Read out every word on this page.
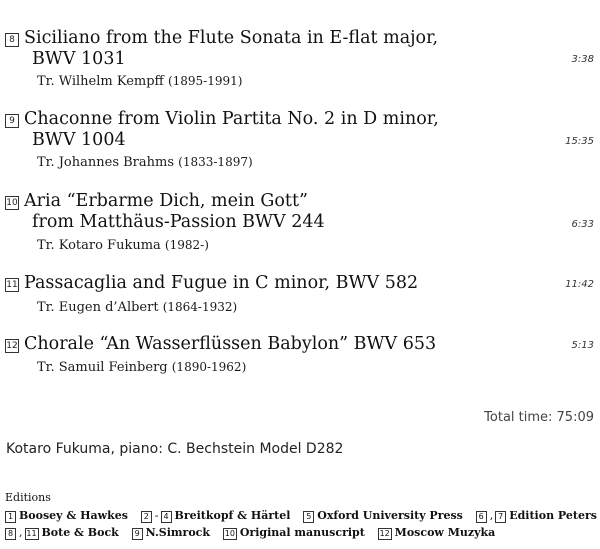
8 Siciliano from the Flute Sonata in E-flat major,
BWV 1031	3:38
Tr. Wilhelm Kempff (1895-1991)
9 Chaconne from Violin Partita No. 2 in D minor,
BWV 1004	15:35
Tr. Johannes Brahms (1833-1897)
10 Aria “Erbarme Dich, mein Gott”
from Matthäus-Passion BWV 244	6:33
Tr. Kotaro Fukuma (1982-)
11 Passacaglia and Fugue in C minor, BWV 582	11:42
Tr. Eugen d’Albert (1864-1932)
12 Chorale “An Wasserflüssen Babylon” BWV 653	5:13
Tr. Samuil Feinberg (1890-1962)
Total time: 75:09
Kotaro Fukuma, piano: C. Bechstein Model D282
Editions
1 Boosey & Hawkes 2 - 4 Breitkopf & Härtel 5 Oxford University Press 6 , 7 Edition Peters
8 , 11 Bote & Bock 9 N.Simrock 10 Original manuscript 12 Moscow Muzyka
